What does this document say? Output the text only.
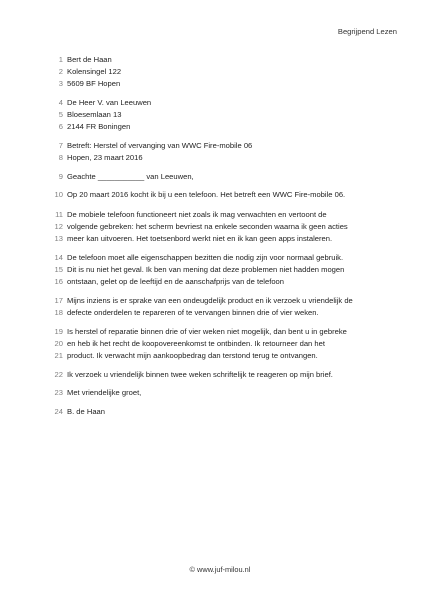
Begrijpend Lezen
1 Bert de Haan
2 Kolensingel 122
3 5609 BF Hopen
4 De Heer V. van Leeuwen
5 Bloesemlaan 13
6 2144 FR Boningen
7 Betreft: Herstel of vervanging van WWC Fire-mobile 06
8 Hopen, 23 maart 2016
9 Geachte ___________ van Leeuwen,
10 Op 20 maart 2016 kocht ik bij u een telefoon. Het betreft een WWC Fire-mobile 06.
11 De mobiele telefoon functioneert niet zoals ik mag verwachten en vertoont de
12 volgende gebreken: het scherm bevriest na enkele seconden waarna ik geen acties
13 meer kan uitvoeren. Het toetsenbord werkt niet en ik kan geen apps instaleren.
14 De telefoon moet alle eigenschappen bezitten die nodig zijn voor normaal gebruik.
15 Dit is nu niet het geval. Ik ben van mening dat deze problemen niet hadden mogen
16 ontstaan, gelet op de leeftijd en de aanschafprijs van de telefoon
17 Mijns inziens is er sprake van een ondeugdelijk product en ik verzoek u vriendelijk de
18 defecte onderdelen te repareren of te vervangen binnen drie of vier weken.
19 Is herstel of reparatie binnen drie of vier weken niet mogelijk, dan bent u in gebreke
20 en heb ik het recht de koopovereenkomst te ontbinden. Ik retourneer dan het
21 product. Ik verwacht mijn aankoopbedrag dan terstond terug te ontvangen.
22 Ik verzoek u vriendelijk binnen twee weken schriftelijk te reageren op mijn brief.
23 Met vriendelijke groet,
24 B. de Haan
© www.juf-milou.nl
